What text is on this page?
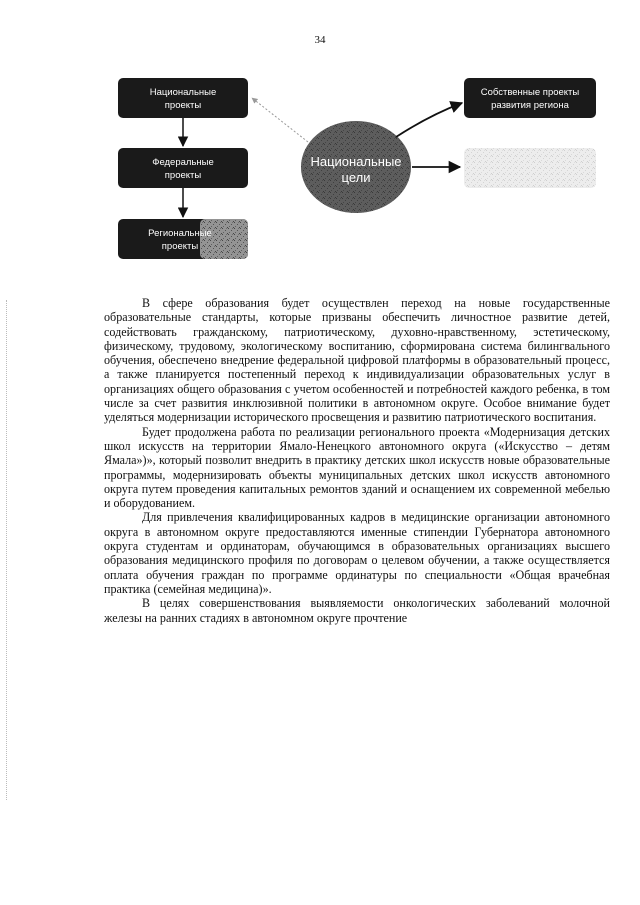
34
Национальные
проекты
Федеральные
проекты
Региональные
проекты
Национальные
цели
Собственные проекты
развития региона

В сфере образования будет осуществлен переход на новые государственные образовательные стандарты, которые призваны обеспечить личностное развитие детей, содействовать гражданскому, патриотическому, духовно-нравственному, эстетическому, физическому, трудовому, экологическому воспитанию, сформирована система билингвального обучения, обеспечено внедрение федеральной цифровой платформы в образовательный процесс, а также планируется постепенный переход к индивидуализации образовательных услуг в организациях общего образования с учетом особенностей и потребностей каждого ребенка, в том числе за счет развития инклюзивной политики в автономном округе. Особое внимание будет уделяться модернизации исторического просвещения и развитию патриотического воспитания.

Будет продолжена работа по реализации регионального проекта «Модернизация детских школ искусств на территории Ямало-Ненецкого автономного округа («Искусство – детям Ямала»)», который позволит внедрить в практику детских школ искусств новые образовательные программы, модернизировать объекты муниципальных детских школ искусств автономного округа путем проведения капитальных ремонтов зданий и оснащением их современной мебелью и оборудованием.

Для привлечения квалифицированных кадров в медицинские организации автономного округа в автономном округе предоставляются именные стипендии Губернатора автономного округа студентам и ординаторам, обучающимся в образовательных организациях высшего образования медицинского профиля по договорам о целевом обучении, а также осуществляется оплата обучения граждан по программе ординатуры по специальности «Общая врачебная практика (семейная медицина)».

В целях совершенствования выявляемости онкологических заболеваний молочной железы на ранних стадиях в автономном округе прочтение
